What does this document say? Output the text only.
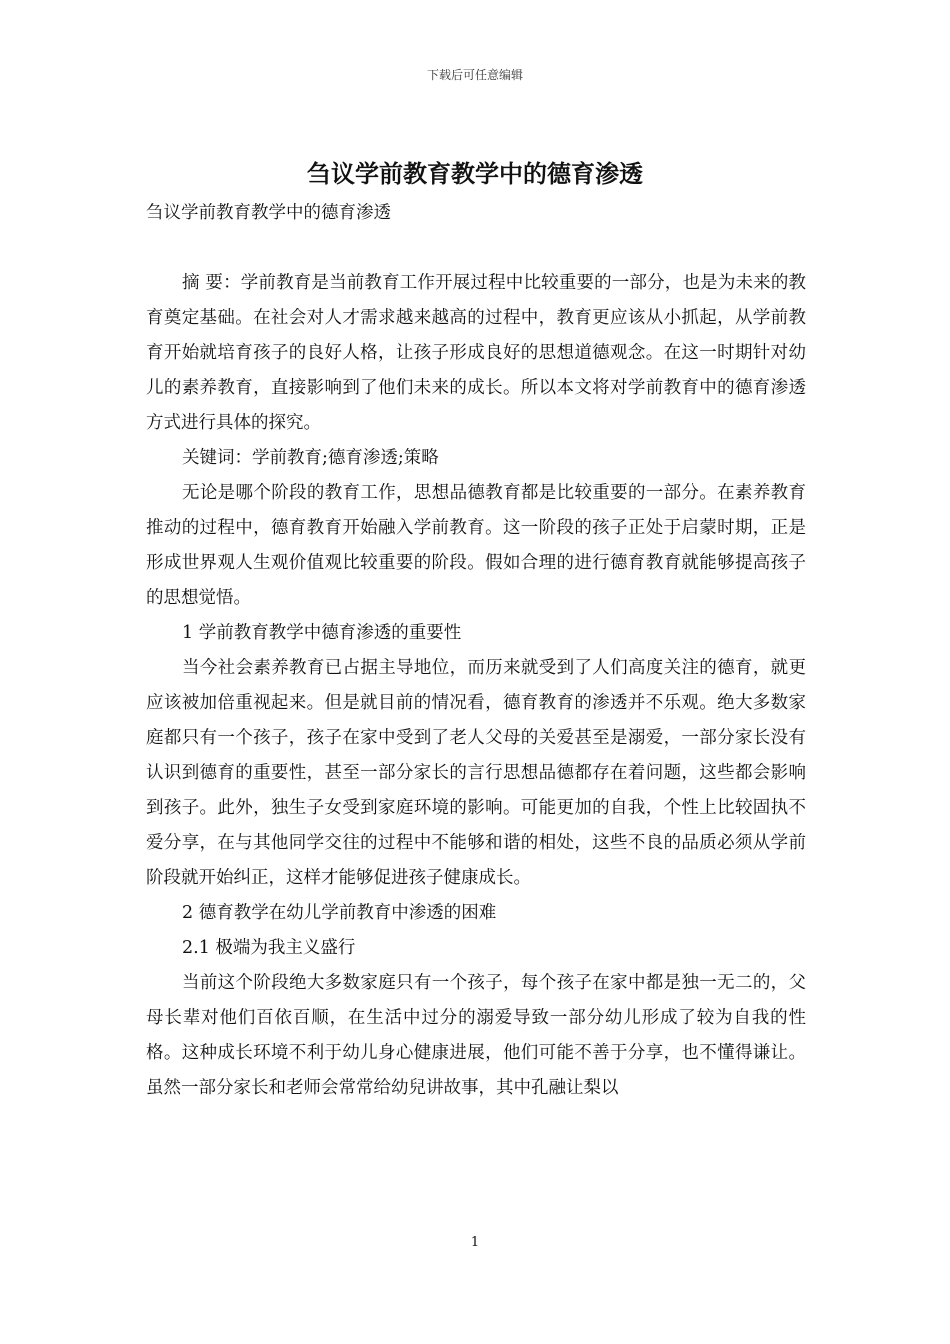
下载后可任意编辑
刍议学前教育教学中的德育渗透

刍议学前教育教学中的德育渗透

摘 要：学前教育是当前教育工作开展过程中比较重要的一部分，也是为未来的教育奠定基础。在社会对人才需求越来越高的过程中，教育更应该从小抓起，从学前教育开始就培育孩子的良好人格，让孩子形成良好的思想道德观念。在这一时期针对幼儿的素养教育，直接影响到了他们未来的成长。所以本文将对学前教育中的德育渗透方式进行具体的探究。

关键词：学前教育;德育渗透;策略

无论是哪个阶段的教育工作，思想品德教育都是比较重要的一部分。在素养教育推动的过程中，德育教育开始融入学前教育。这一阶段的孩子正处于启蒙时期，正是形成世界观人生观价值观比较重要的阶段。假如合理的进行德育教育就能够提高孩子的思想觉悟。

1 学前教育教学中德育渗透的重要性

当今社会素养教育已占据主导地位，而历来就受到了人们高度关注的德育，就更应该被加倍重视起来。但是就目前的情况看，德育教育的渗透并不乐观。绝大多数家庭都只有一个孩子，孩子在家中受到了老人父母的关爱甚至是溺爱，一部分家长没有认识到德育的重要性，甚至一部分家长的言行思想品德都存在着问题，这些都会影响到孩子。此外，独生子女受到家庭环境的影响。可能更加的自我，个性上比较固执不爱分享，在与其他同学交往的过程中不能够和谐的相处，这些不良的品质必须从学前阶段就开始纠正，这样才能够促进孩子健康成长。

2 德育教学在幼儿学前教育中渗透的困难

2.1 极端为我主义盛行

当前这个阶段绝大多数家庭只有一个孩子，每个孩子在家中都是独一无二的，父母长辈对他们百依百顺，在生活中过分的溺爱导致一部分幼儿形成了较为自我的性格。这种成长环境不利于幼儿身心健康进展，他们可能不善于分享，也不懂得谦让。虽然一部分家长和老师会常常给幼兒讲故事，其中孔融让梨以

1
